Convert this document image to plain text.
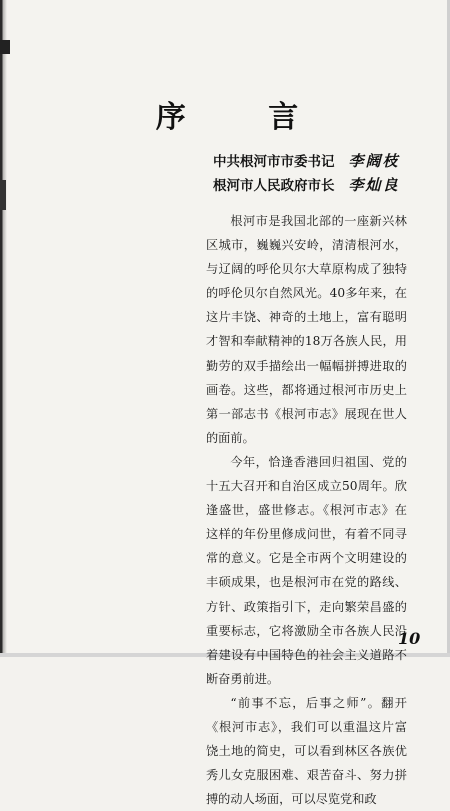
序 言
中共根河市市委书记 李阔枝
根河市人民政府市长 李灿良

根河市是我国北部的一座新兴林区城市，巍巍兴安岭，清清根河水，与辽阔的呼伦贝尔大草原构成了独特的呼伦贝尔自然风光。40多年来，在这片丰饶、神奇的土地上，富有聪明才智和奉献精神的18万各族人民，用勤劳的双手描绘出一幅幅拼搏进取的画卷。这些，都将通过根河市历史上第一部志书《根河市志》展现在世人的面前。

今年，恰逢香港回归祖国、党的十五大召开和自治区成立50周年。欣逢盛世，盛世修志。《根河市志》在这样的年份里修成问世，有着不同寻常的意义。它是全市两个文明建设的丰硕成果，也是根河市在党的路线、方针、政策指引下，走向繁荣昌盛的重要标志，它将激励全市各族人民沿着建设有中国特色的社会主义道路不断奋勇前进。

“前事不忘，后事之师”。翻开《根河市志》，我们可以重温这片富饶土地的简史，可以看到林区各族优秀儿女克服困难、艰苦奋斗、努力拼搏的动人场面，可以尽览党和政

10
